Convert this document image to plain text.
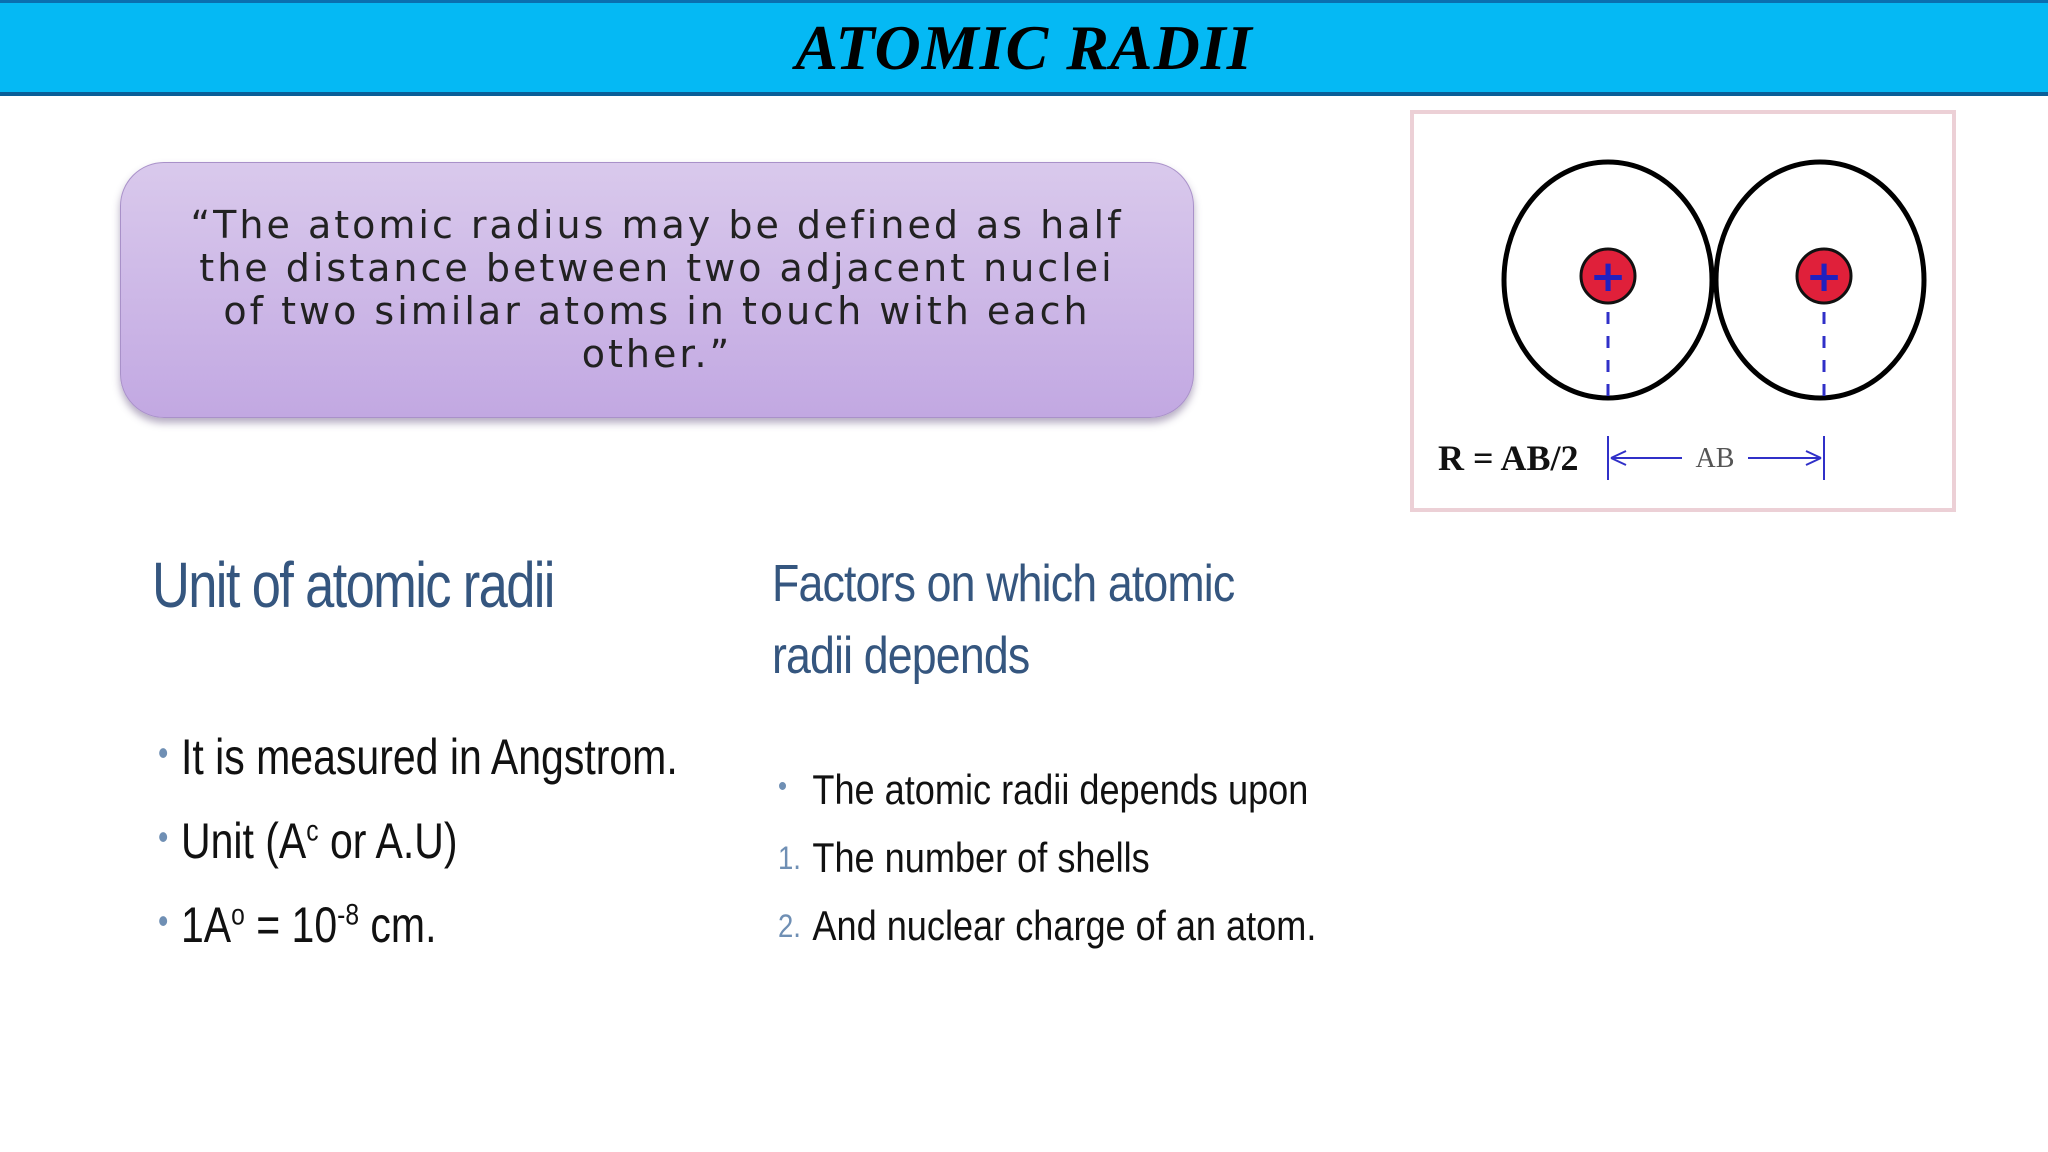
ATOMIC RADII
“The atomic radius may be defined as half the distance between two adjacent nuclei of two similar atoms in touch with each other.”
+	+
AB
R = AB/2
Unit of atomic radii
• It is measured in Angstrom.
• Unit ($A^c$ or A.U)
• $1A^o = 10^{-8}$ cm.
Factors on which atomic radii depends
• The atomic radii depends upon
1. The number of shells
2. And nuclear charge of an atom.
